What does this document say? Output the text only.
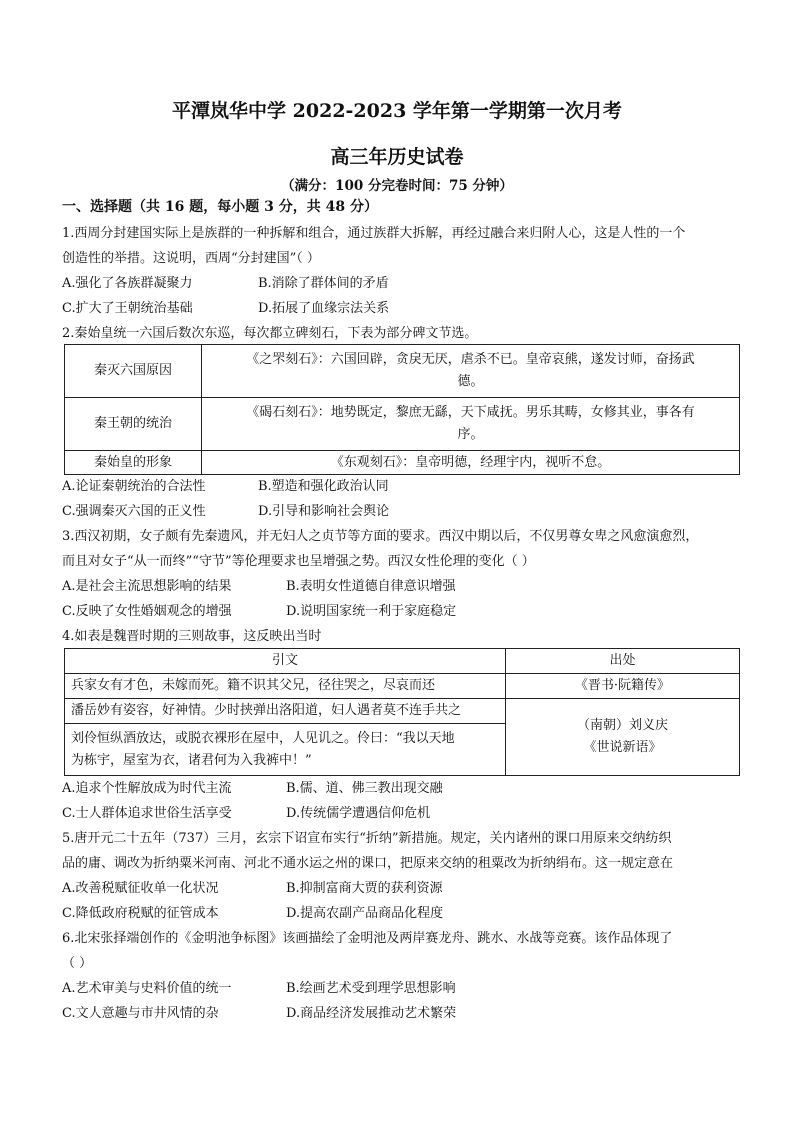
平潭岚华中学 2022-2023 学年第一学期第一次月考
高三年历史试卷
（满分：100 分完卷时间：75 分钟）
一、选择题（共 16 题，每小题 3 分，共 48 分）
1.西周分封建国实际上是族群的一种拆解和组合，通过族群大拆解，再经过融合来归附人心，这是人性的一个
创造性的举措。这说明，西周“分封建国”（ ）
A.强化了各族群凝聚力	B.消除了群体间的矛盾
C.扩大了王朝统治基础	D.拓展了血缘宗法关系
2.秦始皇统一六国后数次东巡，每次都立碑刻石，下表为部分碑文节选。
秦灭六国原因	《之罘刻石》：六国回辟，贪戾无厌，虐杀不已。皇帝哀熊，遂发讨师，奋扬武
德。

秦王朝的统治	《碣石刻石》：地势既定，黎庶无繇，天下咸抚。男乐其畴，女修其业，事各有
序。

秦始皇的形象	《东观刻石》：皇帝明德，经理宇内，视听不怠。
A.论证秦朝统治的合法性	B.塑造和强化政治认同
C.强调秦灭六国的正义性	D.引导和影响社会舆论
3.西汉初期，女子颇有先秦遗风，并无妇人之贞节等方面的要求。西汉中期以后，不仅男尊女卑之风愈演愈烈，
而且对女子“从一而终”“守节”等伦理要求也呈增强之势。西汉女性伦理的变化（ ）
A.是社会主流思想影响的结果	B.表明女性道德自律意识增强
C.反映了女性婚姻观念的增强	D.说明国家统一利于家庭稳定
4.如表是魏晋时期的三则故事，这反映出当时
引文	出处
兵家女有才色，未嫁而死。籍不识其父兄，径往哭之，尽哀而还	《晋书·阮籍传》
潘岳妙有姿容，好神情。少时挟弹出洛阳道，妇人遇者莫不连手共之	（南朝）刘义庆
《世说新语》

刘伶恒纵酒放达，或脱衣裸形在屋中，人见讥之。伶曰：“我以天地
为栋宇，屋室为衣，诸君何为入我裤中！”	
A.追求个性解放成为时代主流	B.儒、道、佛三教出现交融
C.士人群体追求世俗生活享受	D.传统儒学遭遇信仰危机
5.唐开元二十五年（737）三月，玄宗下诏宣布实行“折纳”新措施。规定，关内诸州的课口用原来交纳纺织
品的庸、调改为折纳粟米河南、河北不通水运之州的课口，把原来交纳的租粟改为折纳绢布。这一规定意在
A.改善税赋征收单一化状况	B.抑制富商大贾的获利资源
C.降低政府税赋的征管成本	D.提高农副产品商品化程度
6.北宋张择端创作的《金明池争标图》该画描绘了金明池及两岸赛龙舟、跳水、水战等竞赛。该作品体现了
（ ）
A.艺术审美与史料价值的统一	B.绘画艺术受到理学思想影响
C.文人意趣与市井风情的杂	D.商品经济发展推动艺术繁荣
